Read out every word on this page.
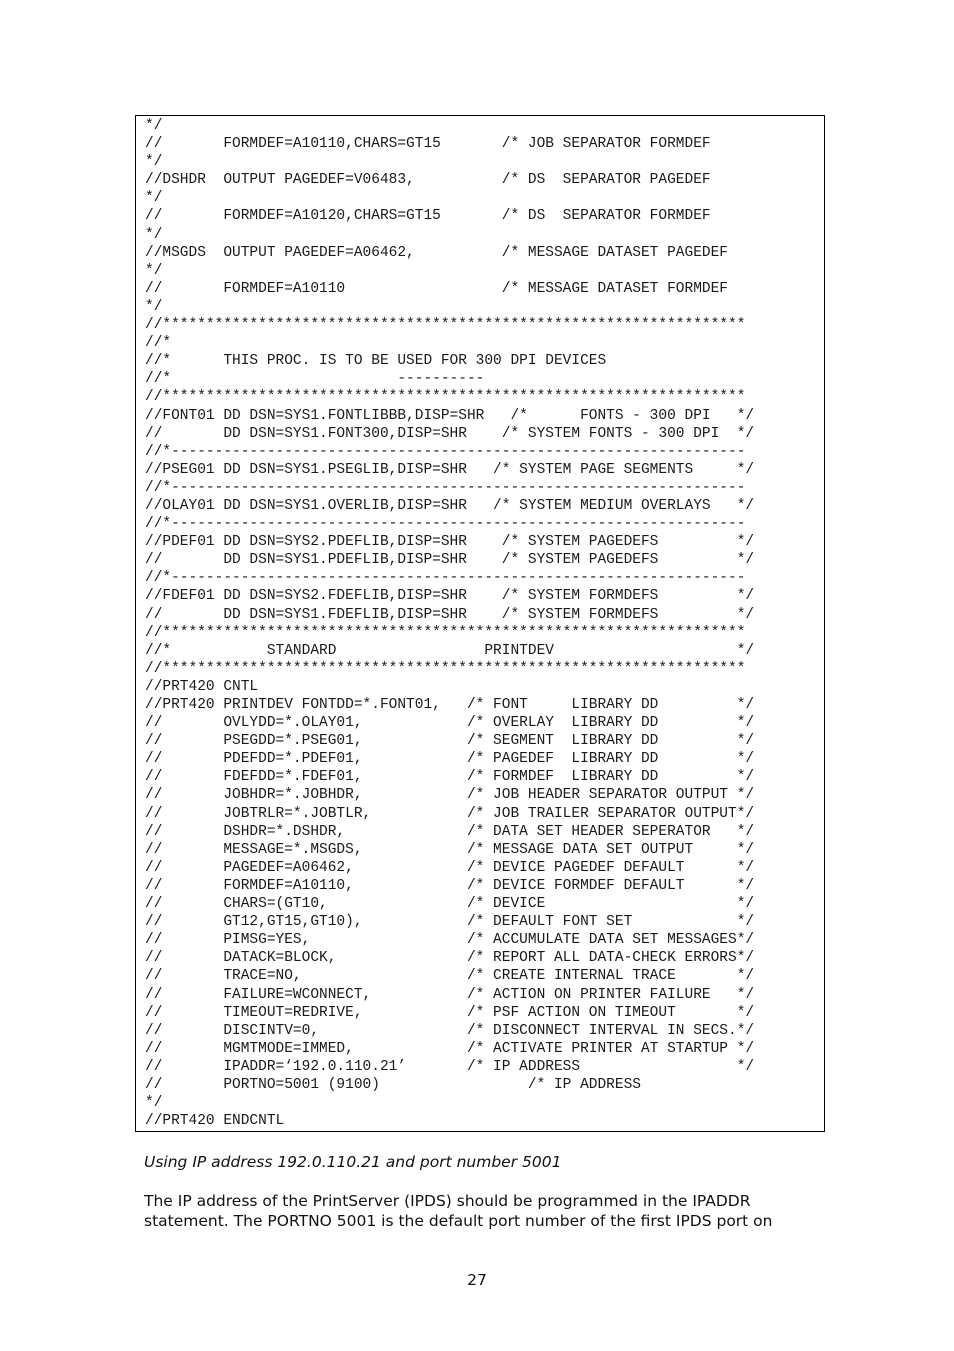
*/
//       FORMDEF=A10110,CHARS=GT15       /* JOB SEPARATOR FORMDEF
*/
//DSHDR  OUTPUT PAGEDEF=V06483,          /* DS  SEPARATOR PAGEDEF
*/
//       FORMDEF=A10120,CHARS=GT15       /* DS  SEPARATOR FORMDEF
*/
//MSGDS  OUTPUT PAGEDEF=A06462,          /* MESSAGE DATASET PAGEDEF
*/
//       FORMDEF=A10110                  /* MESSAGE DATASET FORMDEF
*/
//*******************************************************************
//*
//*      THIS PROC. IS TO BE USED FOR 300 DPI DEVICES
//*                          ----------
//*******************************************************************
//FONT01 DD DSN=SYS1.FONTLIBBB,DISP=SHR   /*      FONTS - 300 DPI   */
//       DD DSN=SYS1.FONT300,DISP=SHR    /* SYSTEM FONTS - 300 DPI  */
//*------------------------------------------------------------------
//PSEG01 DD DSN=SYS1.PSEGLIB,DISP=SHR   /* SYSTEM PAGE SEGMENTS     */
//*------------------------------------------------------------------
//OLAY01 DD DSN=SYS1.OVERLIB,DISP=SHR   /* SYSTEM MEDIUM OVERLAYS   */
//*------------------------------------------------------------------
//PDEF01 DD DSN=SYS2.PDEFLIB,DISP=SHR    /* SYSTEM PAGEDEFS         */
//       DD DSN=SYS1.PDEFLIB,DISP=SHR    /* SYSTEM PAGEDEFS         */
//*------------------------------------------------------------------
//FDEF01 DD DSN=SYS2.FDEFLIB,DISP=SHR    /* SYSTEM FORMDEFS         */
//       DD DSN=SYS1.FDEFLIB,DISP=SHR    /* SYSTEM FORMDEFS         */
//*******************************************************************
//*           STANDARD                 PRINTDEV                     */
//*******************************************************************
//PRT420 CNTL
//PRT420 PRINTDEV FONTDD=*.FONT01,   /* FONT     LIBRARY DD         */
//       OVLYDD=*.OLAY01,            /* OVERLAY  LIBRARY DD         */
//       PSEGDD=*.PSEG01,            /* SEGMENT  LIBRARY DD         */
//       PDEFDD=*.PDEF01,            /* PAGEDEF  LIBRARY DD         */
//       FDEFDD=*.FDEF01,            /* FORMDEF  LIBRARY DD         */
//       JOBHDR=*.JOBHDR,            /* JOB HEADER SEPARATOR OUTPUT */
//       JOBTRLR=*.JOBTLR,           /* JOB TRAILER SEPARATOR OUTPUT*/
//       DSHDR=*.DSHDR,              /* DATA SET HEADER SEPERATOR   */
//       MESSAGE=*.MSGDS,            /* MESSAGE DATA SET OUTPUT     */
//       PAGEDEF=A06462,             /* DEVICE PAGEDEF DEFAULT      */
//       FORMDEF=A10110,             /* DEVICE FORMDEF DEFAULT      */
//       CHARS=(GT10,                /* DEVICE                      */
//       GT12,GT15,GT10),            /* DEFAULT FONT SET            */
//       PIMSG=YES,                  /* ACCUMULATE DATA SET MESSAGES*/
//       DATACK=BLOCK,               /* REPORT ALL DATA-CHECK ERRORS*/
//       TRACE=NO,                   /* CREATE INTERNAL TRACE       */
//       FAILURE=WCONNECT,           /* ACTION ON PRINTER FAILURE   */
//       TIMEOUT=REDRIVE,            /* PSF ACTION ON TIMEOUT       */
//       DISCINTV=0,                 /* DISCONNECT INTERVAL IN SECS.*/
//       MGMTMODE=IMMED,             /* ACTIVATE PRINTER AT STARTUP */
//       IPADDR=‘192.0.110.21’       /* IP ADDRESS                  */
//       PORTNO=5001 (9100)                 /* IP ADDRESS
*/
//PRT420 ENDCNTL
Using IP address 192.0.110.21 and port number 5001
The IP address of the PrintServer (IPDS) should be programmed in the IPADDR
statement. The PORTNO 5001 is the default port number of the first IPDS port on
27
